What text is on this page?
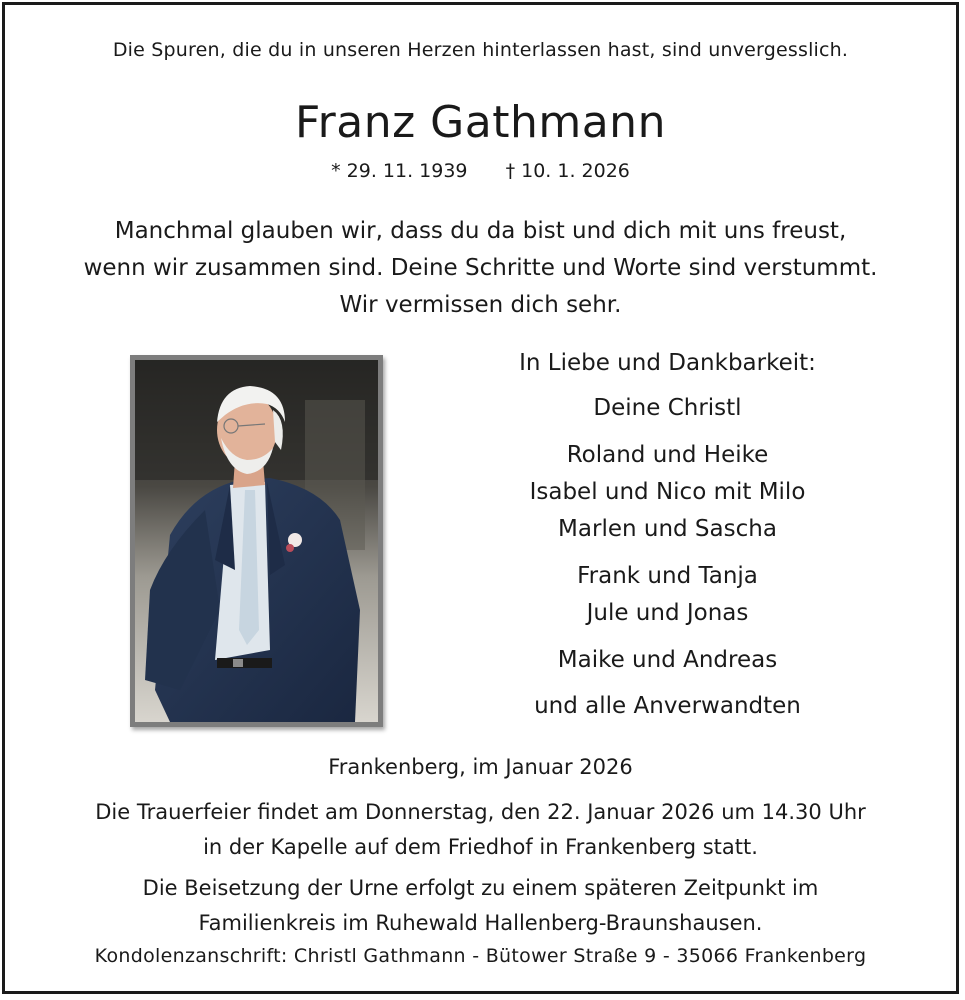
Die Spuren, die du in unseren Herzen hinterlassen hast, sind unvergesslich.
Franz Gathmann
* 29. 11. 1939 † 10. 1. 2026
Manchmal glauben wir, dass du da bist und dich mit uns freust,
wenn wir zusammen sind. Deine Schritte und Worte sind verstummt.
Wir vermissen dich sehr.
In Liebe und Dankbarkeit:
Deine Christl
Roland und Heike
Isabel und Nico mit Milo
Marlen und Sascha
Frank und Tanja
Jule und Jonas
Maike und Andreas
und alle Anverwandten
Frankenberg, im Januar 2026
Die Trauerfeier findet am Donnerstag, den 22. Januar 2026 um 14.30 Uhr
in der Kapelle auf dem Friedhof in Frankenberg statt.
Die Beisetzung der Urne erfolgt zu einem späteren Zeitpunkt im
Familienkreis im Ruhewald Hallenberg-Braunshausen.
Kondolenzanschrift: Christl Gathmann - Bütower Straße 9 - 35066 Frankenberg
